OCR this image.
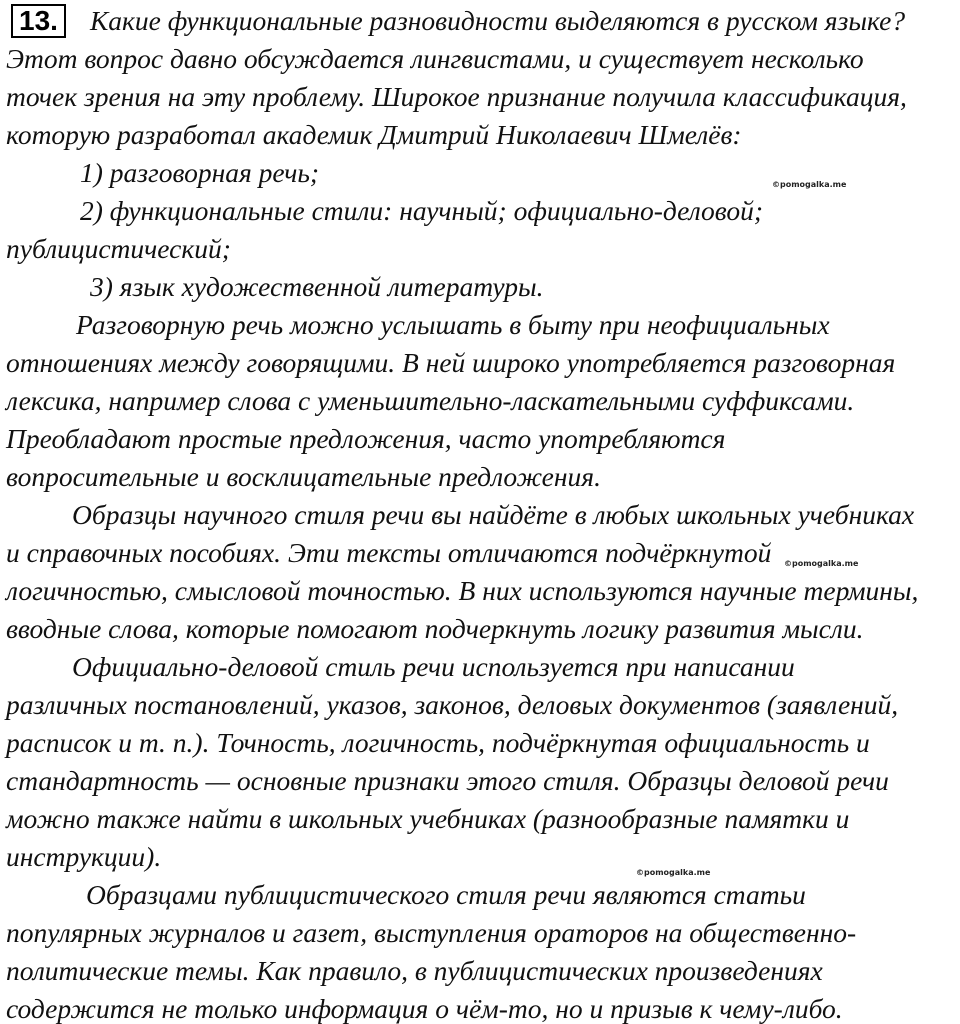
13. Какие функциональные разновидности выделяются в русском языке?
Этот вопрос давно обсуждается лингвистами, и существует несколько
точек зрения на эту проблему. Широкое признание получила классификация,
которую разработал академик Дмитрий Николаевич Шмелёв:
1) разговорная речь;
2) функциональные стили: научный; официально-деловой;
публицистический;
3) язык художественной литературы.
Разговорную речь можно услышать в быту при неофициальных
отношениях между говорящими. В ней широко употребляется разговорная
лексика, например слова с уменьшительно-ласкательными суффиксами.
Преобладают простые предложения, часто употребляются
вопросительные и восклицательные предложения.
Образцы научного стиля речи вы найдёте в любых школьных учебниках
и справочных пособиях. Эти тексты отличаются подчёркнутой
логичностью, смысловой точностью. В них используются научные термины,
вводные слова, которые помогают подчеркнуть логику развития мысли.
Официально-деловой стиль речи используется при написании
различных постановлений, указов, законов, деловых документов (заявлений,
расписок и т. п.). Точность, логичность, подчёркнутая официальность и
стандартность — основные признаки этого стиля. Образцы деловой речи
можно также найти в школьных учебниках (разнообразные памятки и
инструкции).
Образцами публицистического стиля речи являются статьи
популярных журналов и газет, выступления ораторов на общественно-
политические темы. Как правило, в публицистических произведениях
содержится не только информация о чём-то, но и призыв к чему-либо.
©pomogalka.me
©pomogalka.me
©pomogalka.me
